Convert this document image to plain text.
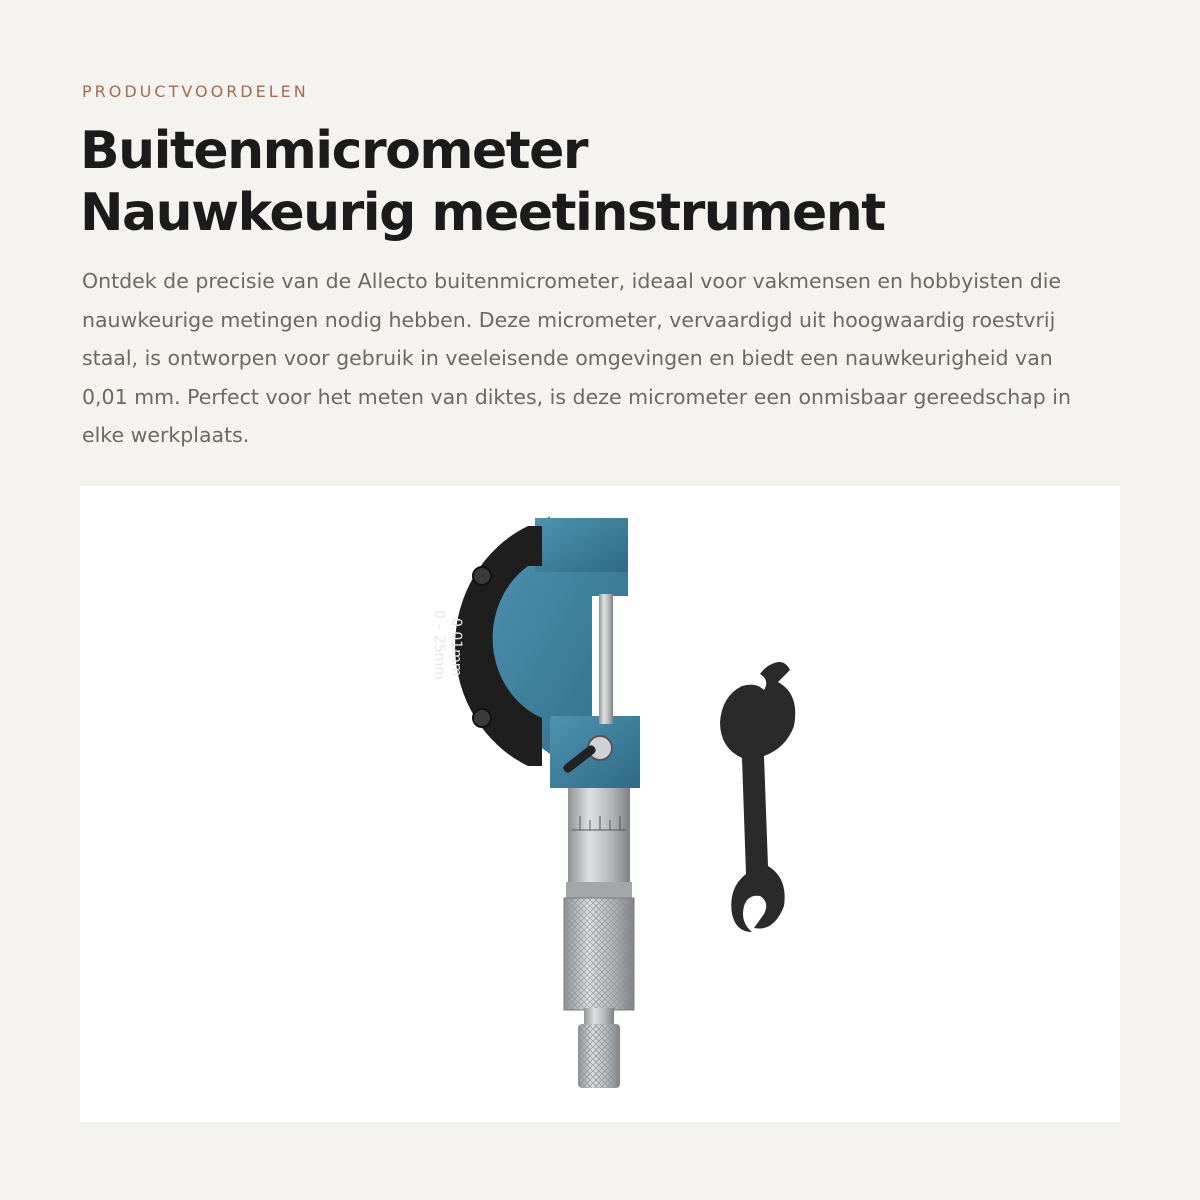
PRODUCTVOORDELEN
Buitenmicrometer
Nauwkeurig meetinstrument

Ontdek de precisie van de Allecto buitenmicrometer, ideaal voor vakmensen en hobbyisten die nauwkeurige metingen nodig hebben. Deze micrometer, vervaardigd uit hoogwaardig roestvrij staal, is ontworpen voor gebruik in veeleisende omgevingen en biedt een nauwkeurigheid van 0,01 mm. Perfect voor het meten van diktes, is deze micrometer een onmisbaar gereedschap in elke werkplaats.

0.01mm
0 – 25mm
